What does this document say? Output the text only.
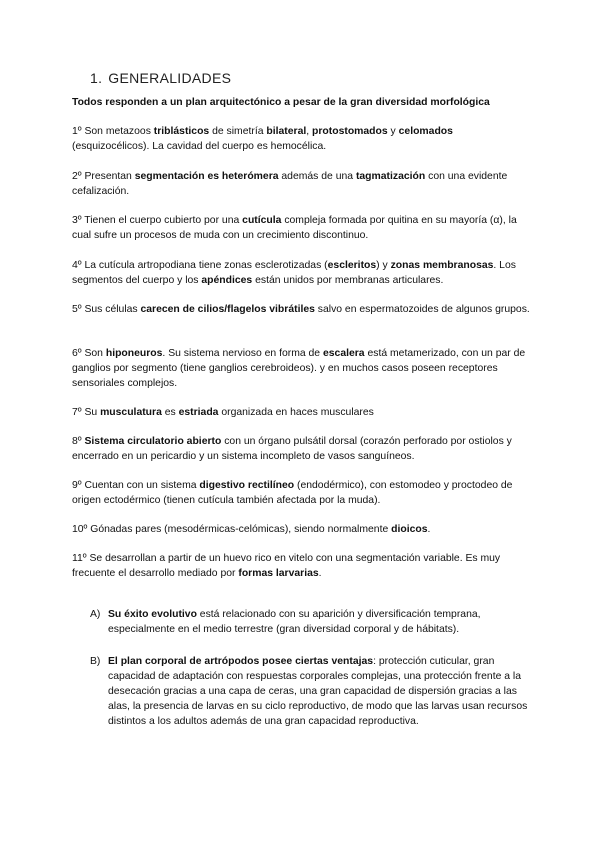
1. GENERALIDADES
Todos responden a un plan arquitectónico a pesar de la gran diversidad morfológica
1º Son metazoos triblásticos de simetría bilateral, protostomados y celomados (esquizocélicos). La cavidad del cuerpo es hemocélica.
2º Presentan segmentación es heterómera además de una tagmatización con una evidente cefalización.
3º Tienen el cuerpo cubierto por una cutícula compleja formada por quitina en su mayoría (α), la cual sufre un procesos de muda con un crecimiento discontinuo.
4º La cutícula artropodiana tiene zonas esclerotizadas (escleritos) y zonas membranosas. Los segmentos del cuerpo y los apéndices están unidos por membranas articulares.
5º Sus células carecen de cilios/flagelos vibrátiles salvo en espermatozoides de algunos grupos.
6º Son hiponeuros. Su sistema nervioso en forma de escalera está metamerizado, con un par de ganglios por segmento (tiene ganglios cerebroideos). y en muchos casos poseen receptores sensoriales complejos.
7º Su musculatura es estriada organizada en haces musculares
8º Sistema circulatorio abierto con un órgano pulsátil dorsal (corazón perforado por ostiolos y encerrado en un pericardio y un sistema incompleto de vasos sanguíneos.
9º Cuentan con un sistema digestivo rectilíneo (endodérmico), con estomodeo y proctodeo de origen ectodérmico (tienen cutícula también afectada por la muda).
10º Gónadas pares (mesodérmicas-celómicas), siendo normalmente dioicos.
11º Se desarrollan a partir de un huevo rico en vitelo con una segmentación variable. Es muy frecuente el desarrollo mediado por formas larvarias.
A) Su éxito evolutivo está relacionado con su aparición y diversificación temprana, especialmente en el medio terrestre (gran diversidad corporal y de hábitats).
B) El plan corporal de artrópodos posee ciertas ventajas: protección cuticular, gran capacidad de adaptación con respuestas corporales complejas, una protección frente a la desecación gracias a una capa de ceras, una gran capacidad de dispersión gracias a las alas, la presencia de larvas en su ciclo reproductivo, de modo que las larvas usan recursos distintos a los adultos además de una gran capacidad reproductiva.
